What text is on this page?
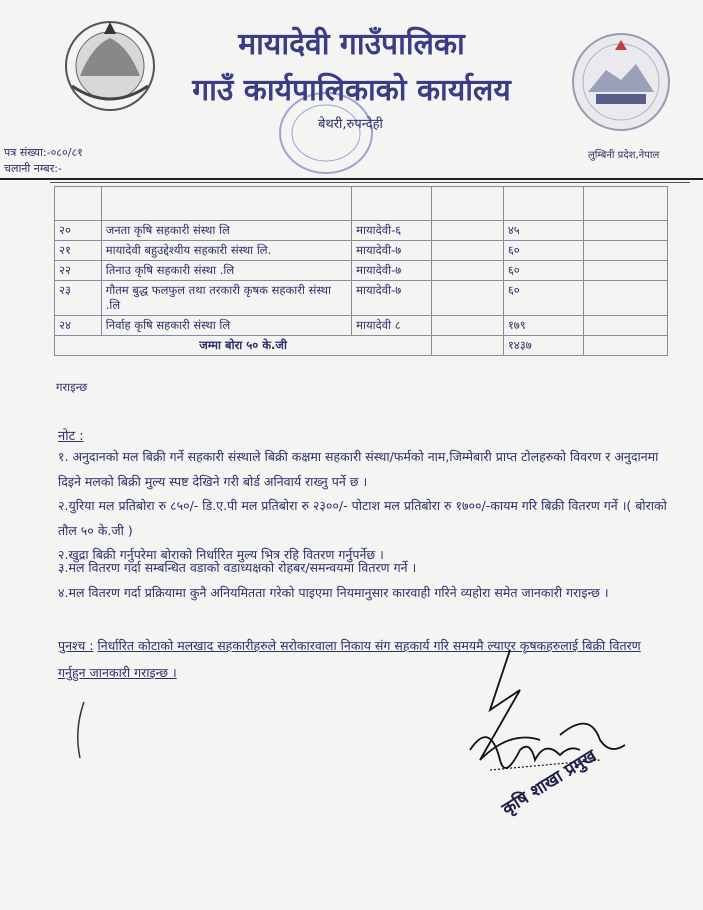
मायादेवी गाउँपालिका
गाउँ कार्यपालिकाको कार्यालय
बेथरी,रुपन्देही
पत्र संख्या:-०८०/८१
चलानी नम्बर:-
लुम्बिनी प्रदेश,नेपाल

२०	जनता कृषि सहकारी संस्था लि	मायादेवी-६		४५	
२१	मायादेवी बहुउद्देश्यीय सहकारी संस्था लि.	मायादेवी-७		६०	
२२	तिनाउ कृषि सहकारी संस्था .लि	मायादेवी-७		६०	
२३	गौतम बुद्ध फलफुल तथा तरकारी कृषक सहकारी संस्था .लि	मायादेवी-७		६०	
२४	निर्वाह कृषि सहकारी संस्था लि	मायादेवी ८		१७९	
जम्मा बोरा ५० के.जी				१४३७	
गराइन्छ
नोट :
१. अनुदानको मल बिक्री गर्ने सहकारी संस्थाले बिक्री कक्षमा सहकारी संस्था/फर्मको नाम,जिम्मेबारी प्राप्त टोलहरुको विवरण र अनुदानमा दिइने मलको बिक्री मुल्य स्पष्ट देखिने गरी बोर्ड अनिवार्य राख्नु पर्ने छ ।
२.युरिया मल प्रतिबोरा रु ८५०/- डि.ए.पी मल प्रतिबोरा रु २३००/- पोटाश मल प्रतिबोरा रु १७००/-कायम गरि बिक्री वितरण गर्ने ।( बोराको तौल ५० के.जी )
२.खुद्रा बिक्री गर्नुपरेमा बोराको निर्धारित मुल्य भित्र रहि वितरण गर्नुपर्नेछ ।
३.मल वितरण गर्दा सम्बन्धित वडाको वडाध्यक्षको रोहबर/समन्वयमा वितरण गर्ने ।
४.मल वितरण गर्दा प्रक्रियामा कुनै अनियमितता गरेको पाइएमा नियमानुसार कारवाही गरिने व्यहोरा समेत जानकारी गराइन्छ ।
पुनश्च : निर्धारित कोटाको मलखाद सहकारीहरुले सरोकारवाला निकाय संग सहकार्य गरि समयमै ल्याएर कृषकहरुलाई बिक्री वितरण गर्नुहुन जानकारी गराइन्छ ।
कृषि शाखा प्रमुख
